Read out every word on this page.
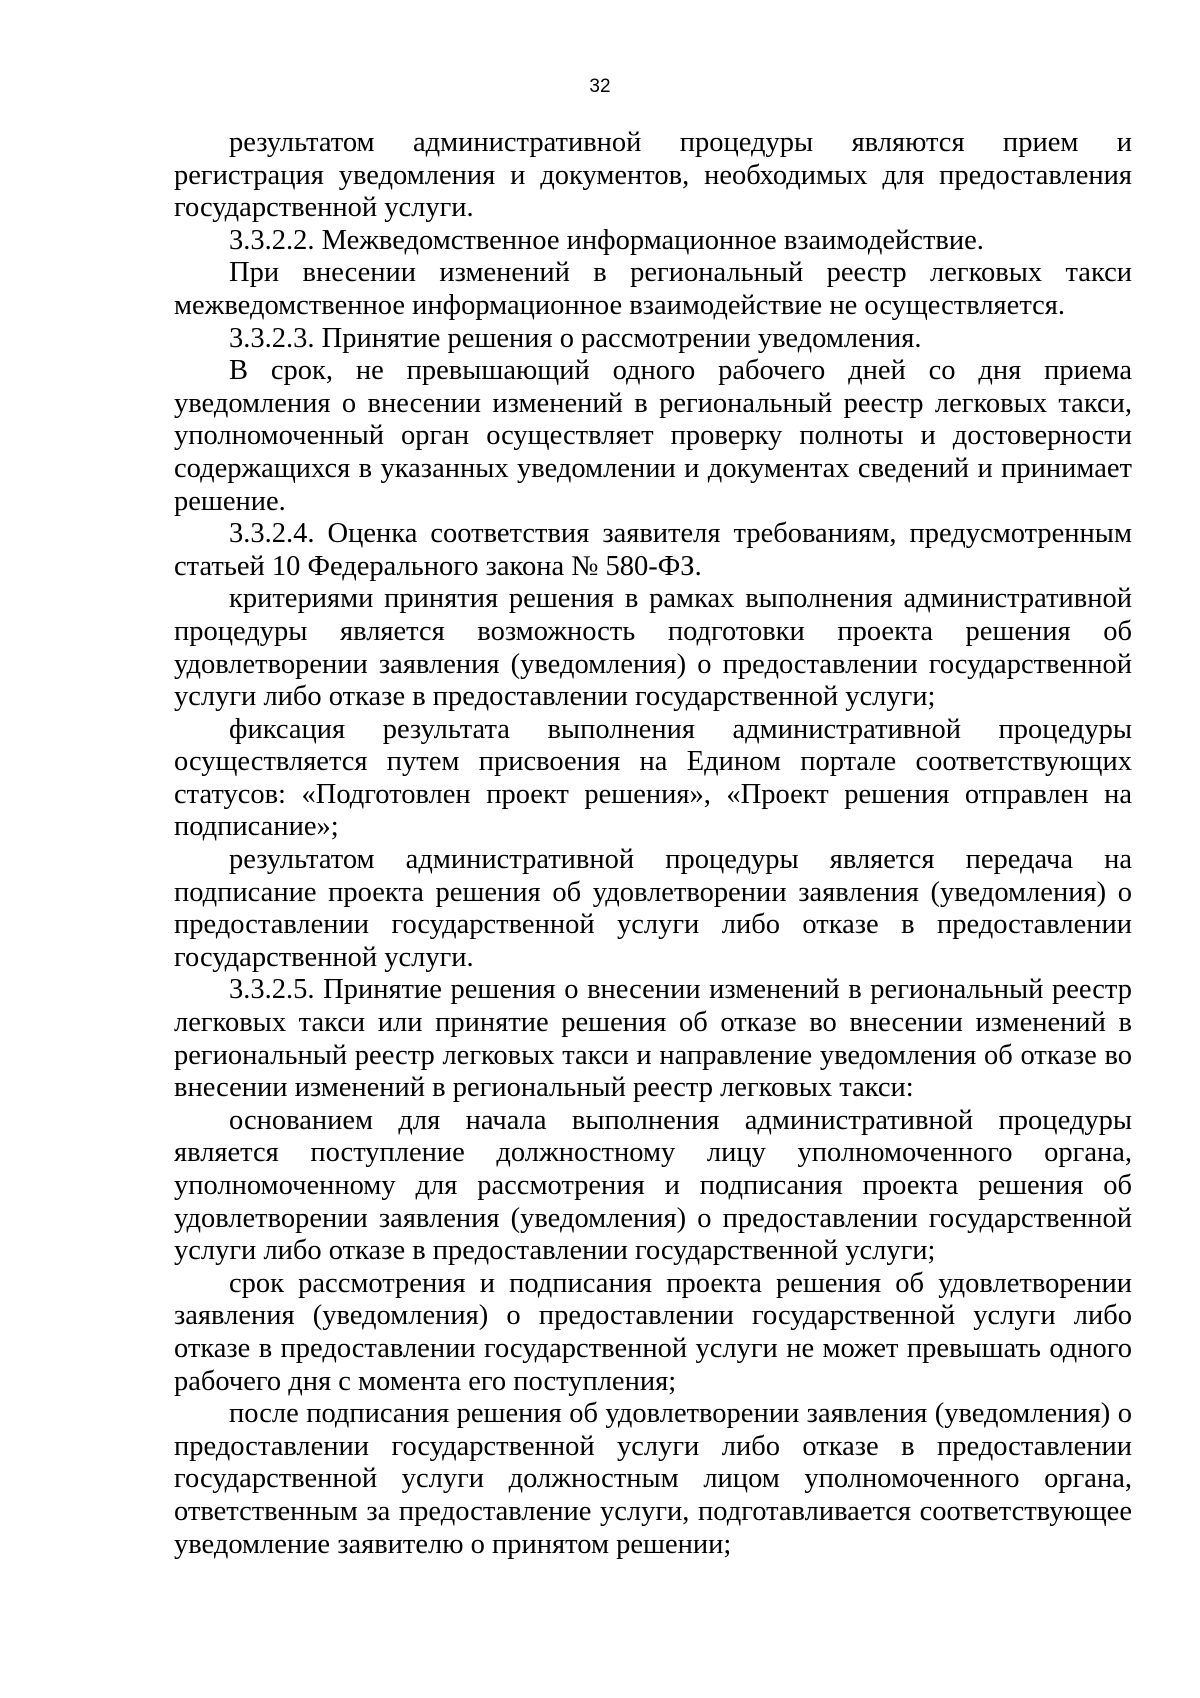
32

результатом административной процедуры являются прием и регистрация уведомления и документов, необходимых для предоставления государственной услуги.

3.3.2.2. Межведомственное информационное взаимодействие.

При внесении изменений в региональный реестр легковых такси межведомственное информационное взаимодействие не осуществляется.

3.3.2.3. Принятие решения о рассмотрении уведомления.

В срок, не превышающий одного рабочего дней со дня приема уведомления о внесении изменений в региональный реестр легковых такси, уполномоченный орган осуществляет проверку полноты и достоверности содержащихся в указанных уведомлении и документах сведений и принимает решение.

3.3.2.4. Оценка соответствия заявителя требованиям, предусмотренным статьей 10 Федерального закона № 580-ФЗ.

критериями принятия решения в рамках выполнения административной процедуры является возможность подготовки проекта решения об удовлетворении заявления (уведомления) о предоставлении государственной услуги либо отказе в предоставлении государственной услуги;

фиксация результата выполнения административной процедуры осуществляется путем присвоения на Едином портале соответствующих статусов: «Подготовлен проект решения», «Проект решения отправлен на подписание»;

результатом административной процедуры является передача на подписание проекта решения об удовлетворении заявления (уведомления) о предоставлении государственной услуги либо отказе в предоставлении государственной услуги.

3.3.2.5. Принятие решения о внесении изменений в региональный реестр легковых такси или принятие решения об отказе во внесении изменений в региональный реестр легковых такси и направление уведомления об отказе во внесении изменений в региональный реестр легковых такси:

основанием для начала выполнения административной процедуры является поступление должностному лицу уполномоченного органа, уполномоченному для рассмотрения и подписания проекта решения об удовлетворении заявления (уведомления) о предоставлении государственной услуги либо отказе в предоставлении государственной услуги;

срок рассмотрения и подписания проекта решения об удовлетворении заявления (уведомления) о предоставлении государственной услуги либо отказе в предоставлении государственной услуги не может превышать одного рабочего дня с момента его поступления;

после подписания решения об удовлетворении заявления (уведомления) о предоставлении государственной услуги либо отказе в предоставлении государственной услуги должностным лицом уполномоченного органа, ответственным за предоставление услуги, подготавливается соответствующее уведомление заявителю о принятом решении;
